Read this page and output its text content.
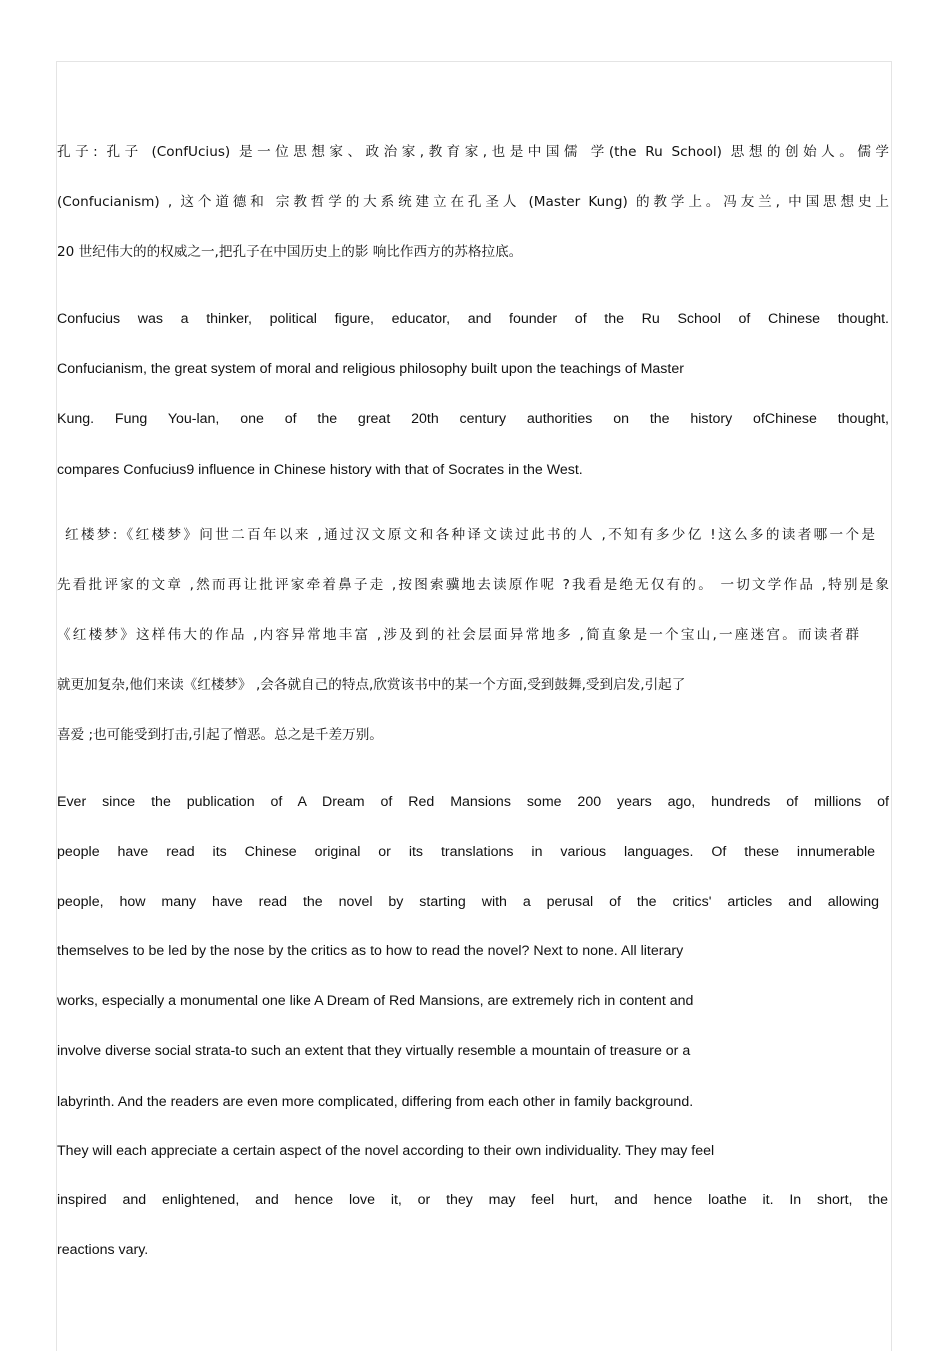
孔子: 孔子 (ConfUcius) 是一位思想家、政治家,教育家,也是中国儒 学(the Ru School) 思想的创始人。儒学
(Confucianism) , 这个道德和 宗教哲学的大系统建立在孔圣人 (Master Kung) 的教学上。冯友兰, 中国思想史上
20 世纪伟大的的权威之一,把孔子在中国历史上的影 响比作西方的苏格拉底。
Confucius was a thinker, political figure, educator, and founder of the Ru School of Chinese thought.
Confucianism, the great system of moral and religious philosophy built upon the teachings of Master
Kung. Fung You-lan, one of the great 20th century authorities on the history ofChinese thought,
compares Confucius9 influence in Chinese history with that of Socrates in the West.
红楼梦:《红楼梦》问世二百年以来 ,通过汉文原文和各种译文读过此书的人 ,不知有多少亿 !这么多的读者哪一个是
先看批评家的文章 ,然而再让批评家牵着鼻子走 ,按图索骥地去读原作呢 ?我看是绝无仅有的。 一切文学作品 ,特别是象
《红楼梦》这样伟大的作品 ,内容异常地丰富 ,涉及到的社会层面异常地多 ,简直象是一个宝山,一座迷宫。而读者群
就更加复杂,他们来读《红楼梦》 ,会各就自己的特点,欣赏该书中的某一个方面,受到鼓舞,受到启发,引起了
喜爱 ;也可能受到打击,引起了憎恶。总之是千差万别。
Ever since the publication of A Dream of Red Mansions some 200 years ago, hundreds of millions of
people have read its Chinese original or its translations in various languages. Of these innumerable
people, how many have read the novel by starting with a perusal of the critics' articles and allowing
themselves to be led by the nose by the critics as to how to read the novel? Next to none. All literary
works, especially a monumental one like A Dream of Red Mansions, are extremely rich in content and
involve diverse social strata-to such an extent that they virtually resemble a mountain of treasure or a
labyrinth. And the readers are even more complicated, differing from each other in family background.
They will each appreciate a certain aspect of the novel according to their own individuality. They may feel
inspired and enlightened, and hence love it, or they may feel hurt, and hence loathe it. In short, the
reactions vary.
